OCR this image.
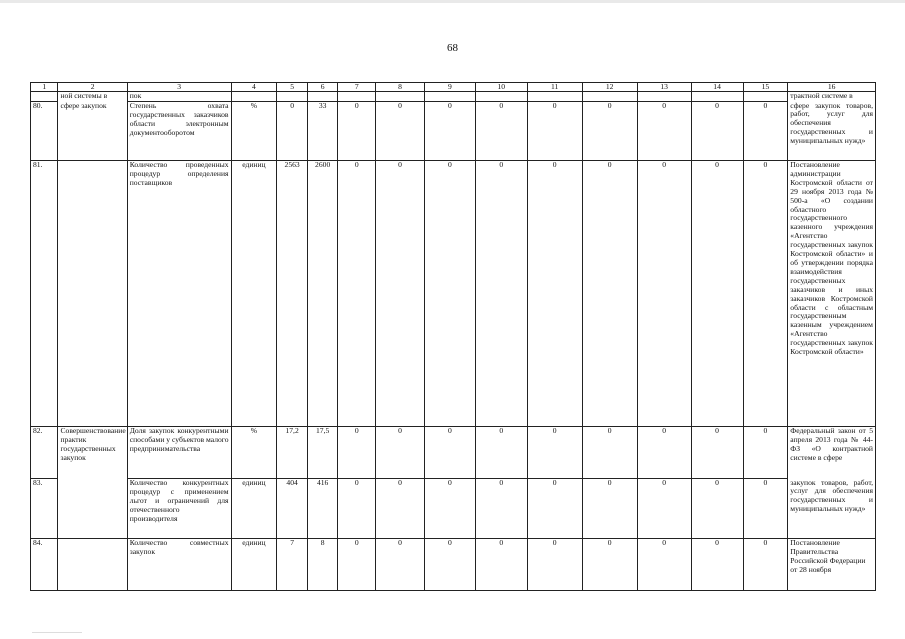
68
1	2	3	4	5	6	7	8	9	10	11	12	13	14	15	16
	ной системы в	пок													трактной системе в
80.	сфере закупок	Степень охвата государственных заказчиков области электронным документооборотом	%	0	33	0	0	0	0	0	0	0	0	0	сфере закупок товаров, работ, услуг для обеспечения государственных и муниципальных нужд»
81.		Количество проведенных процедур определения поставщиков	единиц	2563	2600	0	0	0	0	0	0	0	0	0	Постановление администрации Костромской области от 29 ноября 2013 года № 500-а «О создании областного государственного казенного учреждения «Агентство государственных закупок Костромской области» и об утверждении порядка взаимодействия государственных заказчиков и иных заказчиков Костромской области с областным государственным казенным учреждением «Агентство государственных закупок Костромской области»
82.	Совершенствование практик государственных закупок	Доля закупок конкурентными способами у субъектов малого предпринимательства	%	17,2	17,5	0	0	0	0	0	0	0	0	0	Федеральный закон от 5 апреля 2013 года № 44-ФЗ «О контрактной системе в сфере
83.		Количество конкурентных процедур с применением льгот и ограничений для отечественного производителя	единиц	404	416	0	0	0	0	0	0	0	0	0	закупок товаров, работ, услуг для обеспечения государственных и муниципальных нужд»
84.		Количество совместных закупок	единиц	7	8	0	0	0	0	0	0	0	0	0	Постановление Правительства Российской Федерации от 28 ноября
